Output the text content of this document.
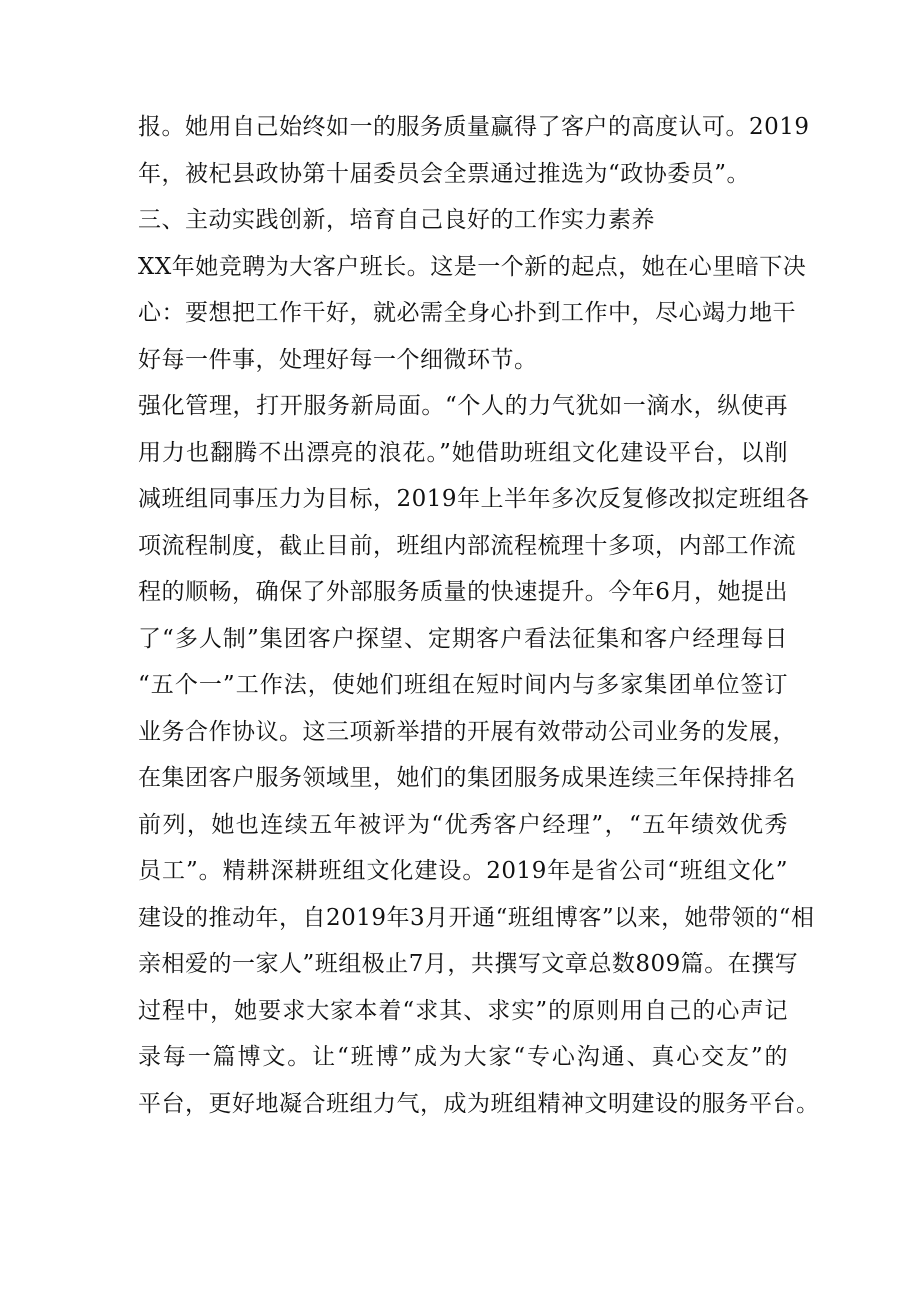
报。她用自己始终如一的服务质量赢得了客户的高度认可。2019
年，被杞县政协第十届委员会全票通过推选为“政协委员”。
三、主动实践创新，培育自己良好的工作实力素养
XX年她竞聘为大客户班长。这是一个新的起点，她在心里暗下决
心：要想把工作干好，就必需全身心扑到工作中，尽心竭力地干
好每一件事，处理好每一个细微环节。
强化管理，打开服务新局面。“个人的力气犹如一滴水，纵使再
用力也翻腾不出漂亮的浪花。”她借助班组文化建设平台，以削
减班组同事压力为目标，2019年上半年多次反复修改拟定班组各
项流程制度，截止目前，班组内部流程梳理十多项，内部工作流
程的顺畅，确保了外部服务质量的快速提升。今年6月，她提出
了“多人制”集团客户探望、定期客户看法征集和客户经理每日
“五个一”工作法，使她们班组在短时间内与多家集团单位签订
业务合作协议。这三项新举措的开展有效带动公司业务的发展，
在集团客户服务领域里，她们的集团服务成果连续三年保持排名
前列，她也连续五年被评为“优秀客户经理”，“五年绩效优秀
员工”。精耕深耕班组文化建设。2019年是省公司“班组文化”
建设的推动年，自2019年3月开通“班组博客”以来，她带领的“相
亲相爱的一家人”班组极止7月，共撰写文章总数809篇。在撰写
过程中，她要求大家本着“求其、求实”的原则用自己的心声记
录每一篇博文。让“班博”成为大家“专心沟通、真心交友”的
平台，更好地凝合班组力气，成为班组精神文明建设的服务平台。
